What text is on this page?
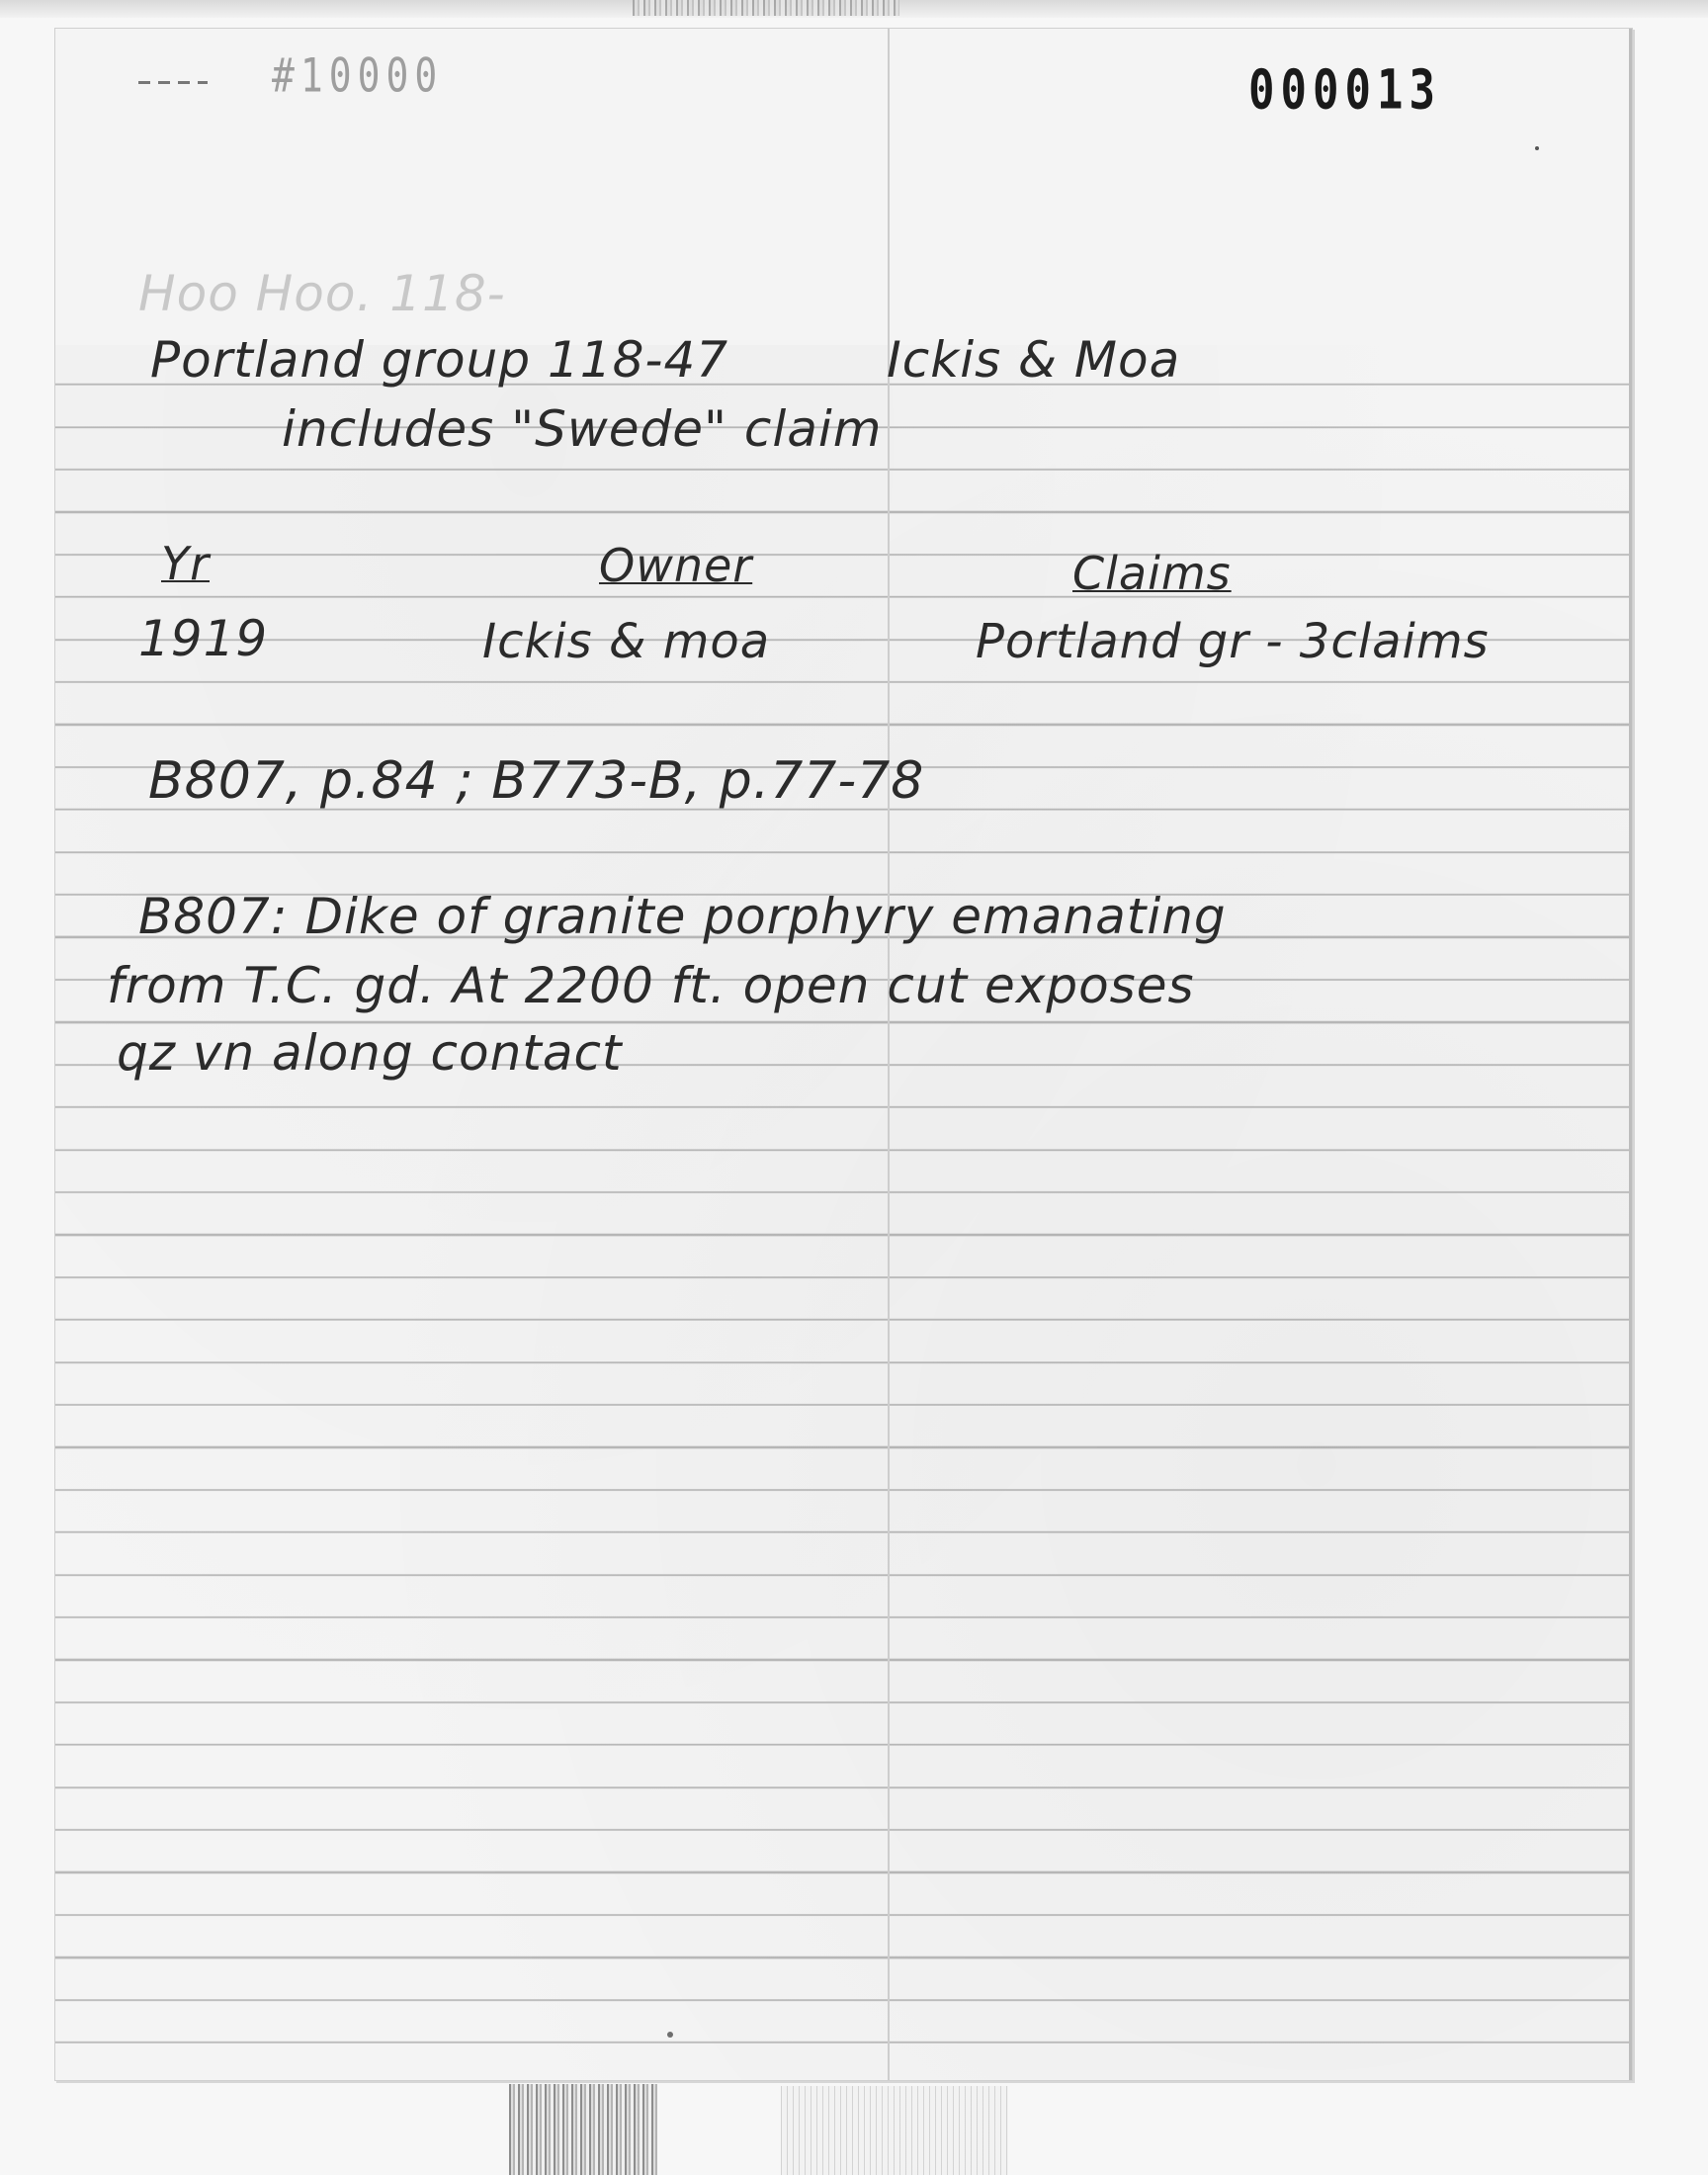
#10000	000013
Hoo Hoo. 118-
Portland group 118-47	Ickis & Moa
includes "Swede" claim
Yr	Owner	Claims
1919	Ickis & moa	Portland gr - 3claims
B807, p.84 ; B773-B, p.77-78
B807: Dike of granite porphyry emanating
from T.C. gd. At 2200 ft. open cut exposes
qz vn along contact
